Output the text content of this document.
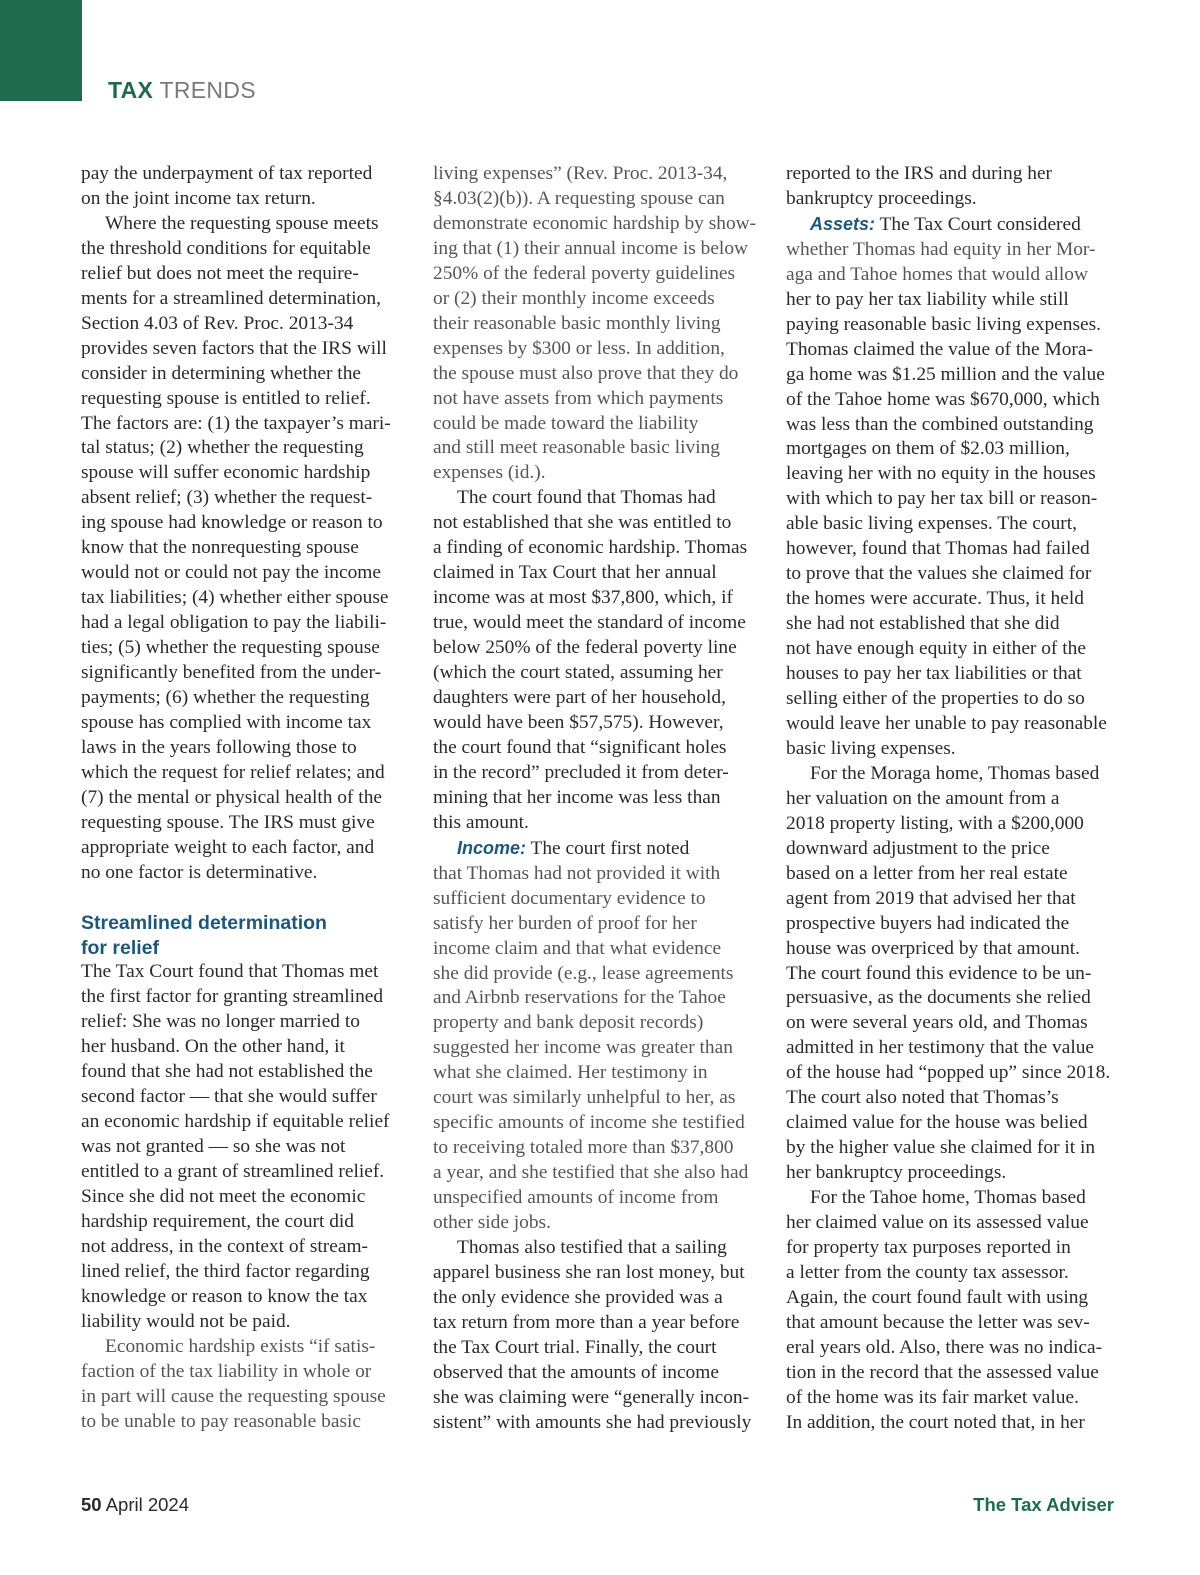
TAX TRENDS

pay the underpayment of tax reported

on the joint income tax return.

Where the requesting spouse meets

the threshold conditions for equitable

relief but does not meet the require-

ments for a streamlined determination,

Section 4.03 of Rev. Proc. 2013-34

provides seven factors that the IRS will

consider in determining whether the

requesting spouse is entitled to relief.

The factors are: (1) the taxpayer’s mari-

tal status; (2) whether the requesting

spouse will suffer economic hardship

absent relief; (3) whether the request-

ing spouse had knowledge or reason to

know that the nonrequesting spouse

would not or could not pay the income

tax liabilities; (4) whether either spouse

had a legal obligation to pay the liabili-

ties; (5) whether the requesting spouse

significantly benefited from the under-

payments; (6) whether the requesting

spouse has complied with income tax

laws in the years following those to

which the request for relief relates; and

(7) the mental or physical health of the

requesting spouse. The IRS must give

appropriate weight to each factor, and

no one factor is determinative.

Streamlined determination

for relief

The Tax Court found that Thomas met

the first factor for granting streamlined

relief: She was no longer married to

her husband. On the other hand, it

found that she had not established the

second factor — that she would suffer

an economic hardship if equitable relief

was not granted — so she was not

entitled to a grant of streamlined relief.

Since she did not meet the economic

hardship requirement, the court did

not address, in the context of stream-

lined relief, the third factor regarding

knowledge or reason to know the tax

liability would not be paid.

Economic hardship exists “if satis-

faction of the tax liability in whole or

in part will cause the requesting spouse

to be unable to pay reasonable basic

living expenses” (Rev. Proc. 2013-34,

§4.03(2)(b)). A requesting spouse can

demonstrate economic hardship by show-

ing that (1) their annual income is below

250% of the federal poverty guidelines

or (2) their monthly income exceeds

their reasonable basic monthly living

expenses by $300 or less. In addition,

the spouse must also prove that they do

not have assets from which payments

could be made toward the liability

and still meet reasonable basic living

expenses (id.).

The court found that Thomas had

not established that she was entitled to

a finding of economic hardship. Thomas

claimed in Tax Court that her annual

income was at most $37,800, which, if

true, would meet the standard of income

below 250% of the federal poverty line

(which the court stated, assuming her

daughters were part of her household,

would have been $57,575). However,

the court found that “significant holes

in the record” precluded it from deter-

mining that her income was less than

this amount.

Income: The court first noted

that Thomas had not provided it with

sufficient documentary evidence to

satisfy her burden of proof for her

income claim and that what evidence

she did provide (e.g., lease agreements

and Airbnb reservations for the Tahoe

property and bank deposit records)

suggested her income was greater than

what she claimed. Her testimony in

court was similarly unhelpful to her, as

specific amounts of income she testified

to receiving totaled more than $37,800

a year, and she testified that she also had

unspecified amounts of income from

other side jobs.

Thomas also testified that a sailing

apparel business she ran lost money, but

the only evidence she provided was a

tax return from more than a year before

the Tax Court trial. Finally, the court

observed that the amounts of income

she was claiming were “generally incon-

sistent” with amounts she had previously

reported to the IRS and during her

bankruptcy proceedings.

Assets: The Tax Court considered

whether Thomas had equity in her Mor-

aga and Tahoe homes that would allow

her to pay her tax liability while still

paying reasonable basic living expenses.

Thomas claimed the value of the Mora-

ga home was $1.25 million and the value

of the Tahoe home was $670,000, which

was less than the combined outstanding

mortgages on them of $2.03 million,

leaving her with no equity in the houses

with which to pay her tax bill or reason-

able basic living expenses. The court,

however, found that Thomas had failed

to prove that the values she claimed for

the homes were accurate. Thus, it held

she had not established that she did

not have enough equity in either of the

houses to pay her tax liabilities or that

selling either of the properties to do so

would leave her unable to pay reasonable

basic living expenses.

For the Moraga home, Thomas based

her valuation on the amount from a

2018 property listing, with a $200,000

downward adjustment to the price

based on a letter from her real estate

agent from 2019 that advised her that

prospective buyers had indicated the

house was overpriced by that amount.

The court found this evidence to be un-

persuasive, as the documents she relied

on were several years old, and Thomas

admitted in her testimony that the value

of the house had “popped up” since 2018.

The court also noted that Thomas’s

claimed value for the house was belied

by the higher value she claimed for it in

her bankruptcy proceedings.

For the Tahoe home, Thomas based

her claimed value on its assessed value

for property tax purposes reported in

a letter from the county tax assessor.

Again, the court found fault with using

that amount because the letter was sev-

eral years old. Also, there was no indica-

tion in the record that the assessed value

of the home was its fair market value.

In addition, the court noted that, in her

50 April 2024	The Tax Adviser
